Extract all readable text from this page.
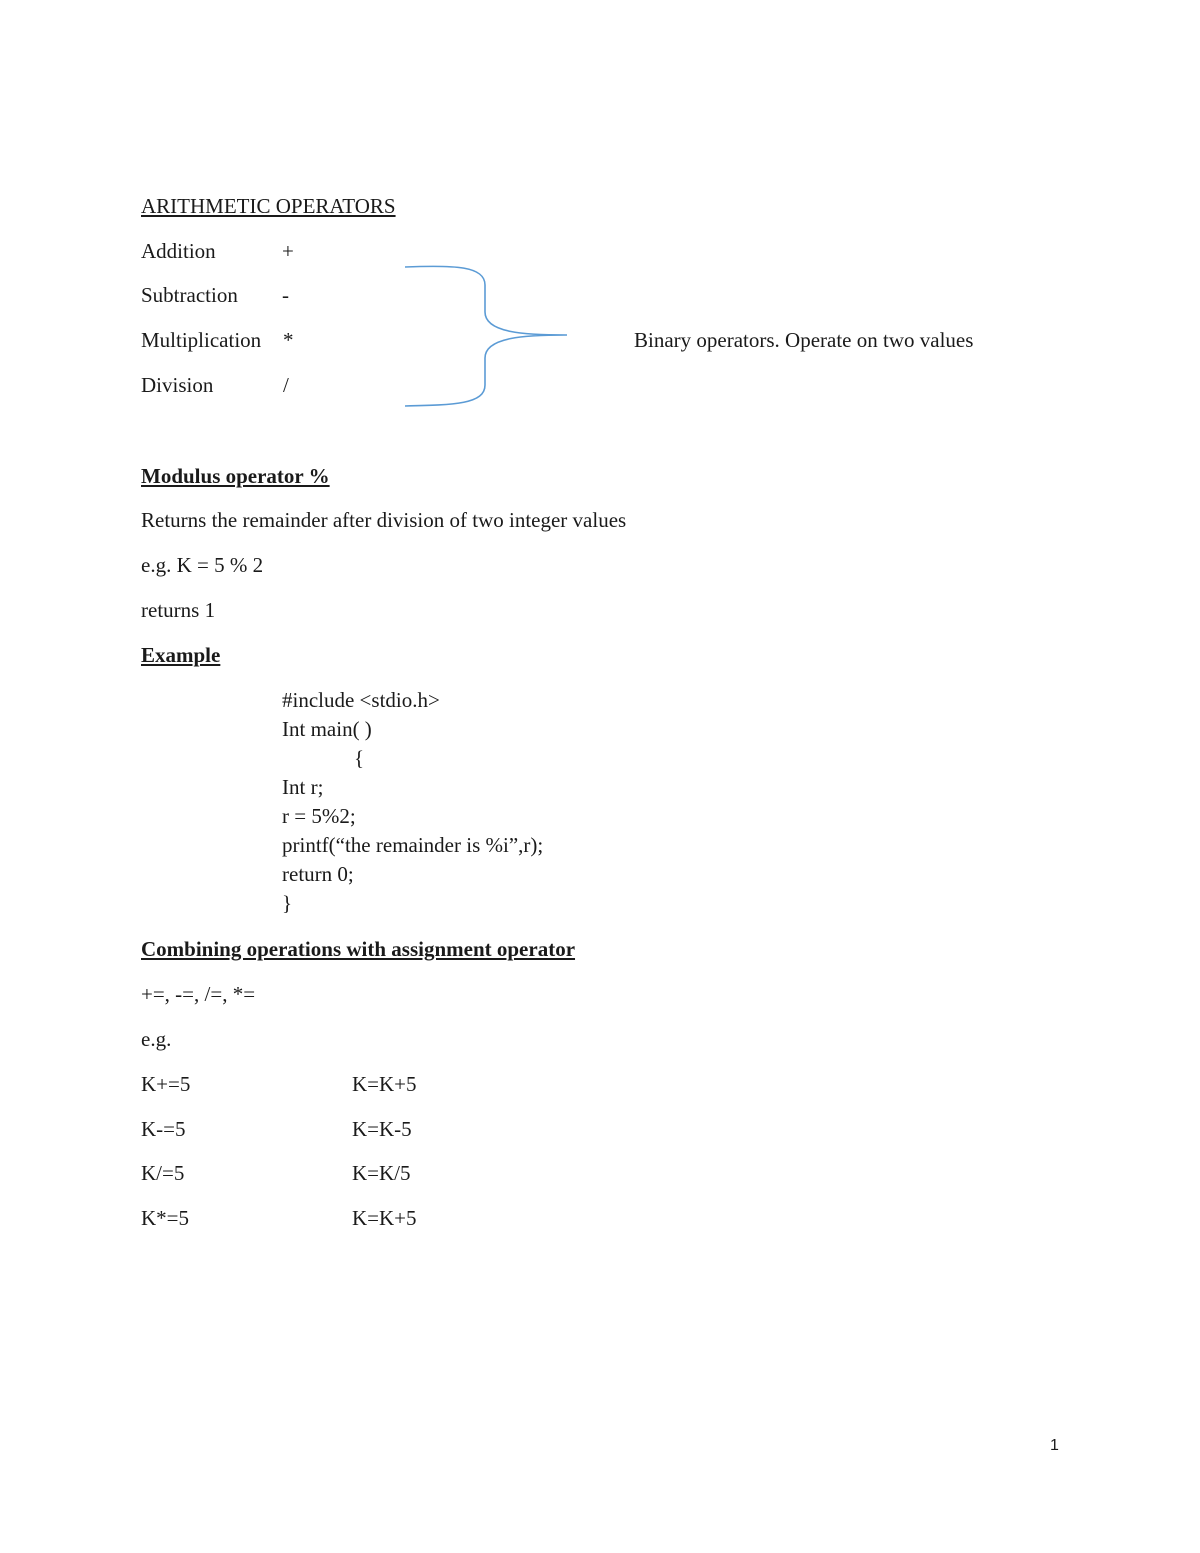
ARITHMETIC OPERATORS
Addition	+
Subtraction -
Multiplication *
Division	/
Binary operators. Operate on two values
Modulus operator %
Returns the remainder after division of two integer values
e.g. K = 5 % 2
returns 1
Example
#include <stdio.h>
Int main( )
{
Int r;
r = 5%2;
printf(“the remainder is %i”,r);
return 0;
}
Combining operations with assignment operator
+=, -=, /=, *=
e.g.
K+=5	K=K+5
K-=5	K=K-5
K/=5	K=K/5
K*=5	K=K+5
1
